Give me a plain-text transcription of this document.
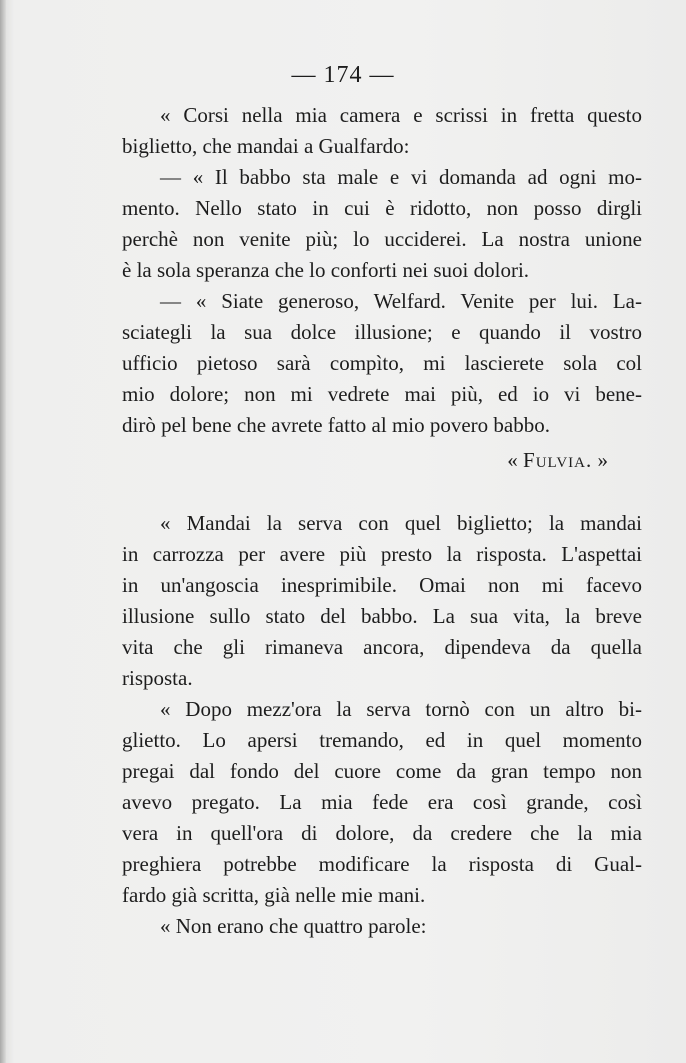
— 174 —
« Corsi nella mia camera e scrissi in fretta questo
biglietto, che mandai a Gualfardo:
— « Il babbo sta male e vi domanda ad ogni mo-
mento. Nello stato in cui è ridotto, non posso dirgli
perchè non venite più; lo ucciderei. La nostra unione
è la sola speranza che lo conforti nei suoi dolori.
— « Siate generoso, Welfard. Venite per lui. La-
sciategli la sua dolce illusione; e quando il vostro
ufficio pietoso sarà compìto, mi lascierete sola col
mio dolore; non mi vedrete mai più, ed io vi bene-
dirò pel bene che avrete fatto al mio povero babbo.
« Fulvia. »
« Mandai la serva con quel biglietto; la mandai
in carrozza per avere più presto la risposta. L'aspettai
in un'angoscia inesprimibile. Omai non mi facevo
illusione sullo stato del babbo. La sua vita, la breve
vita che gli rimaneva ancora, dipendeva da quella
risposta.
« Dopo mezz'ora la serva tornò con un altro bi-
glietto. Lo apersi tremando, ed in quel momento
pregai dal fondo del cuore come da gran tempo non
avevo pregato. La mia fede era così grande, così
vera in quell'ora di dolore, da credere che la mia
preghiera potrebbe modificare la risposta di Gual-
fardo già scritta, già nelle mie mani.
« Non erano che quattro parole:
